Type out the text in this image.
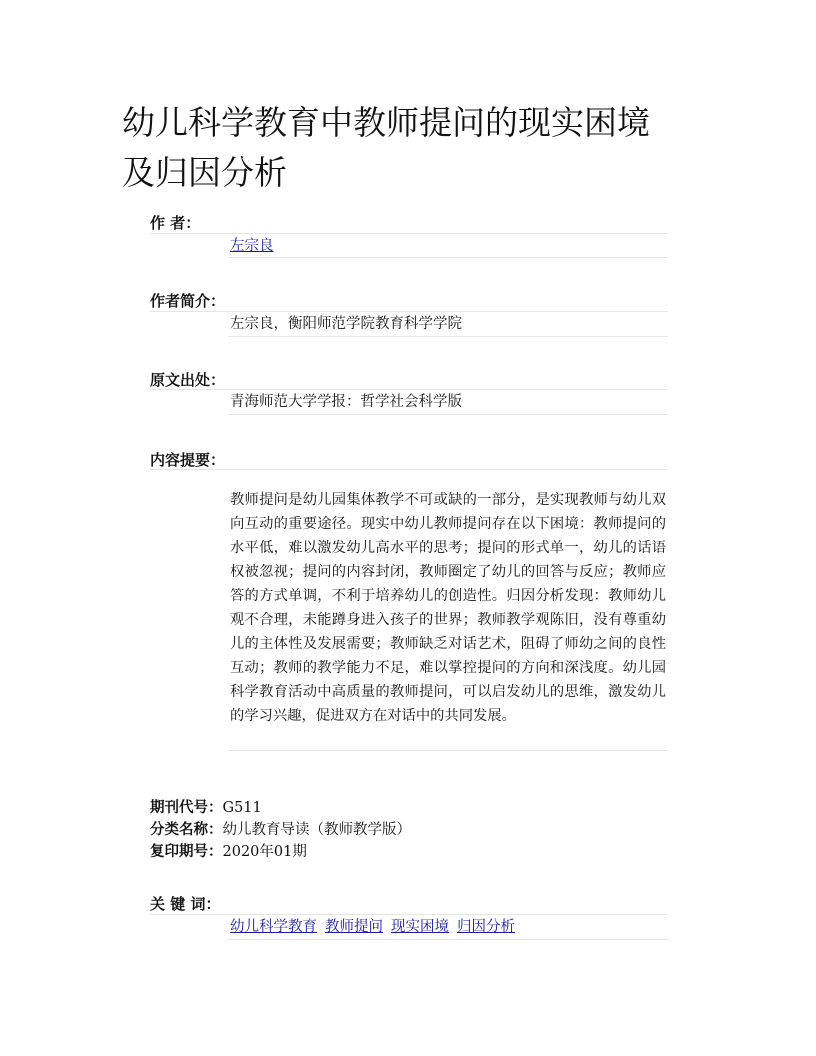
幼儿科学教育中教师提问的现实困境及归因分析
作 者：
左宗良
作者简介：
左宗良，衡阳师范学院教育科学学院
原文出处：
青海师范大学学报：哲学社会科学版
内容提要：

教师提问是幼儿园集体教学不可或缺的一部分，是实现教师与幼儿双向互动的重要途径。现实中幼儿教师提问存在以下困境：教师提问的水平低，难以激发幼儿高水平的思考；提问的形式单一，幼儿的话语权被忽视；提问的内容封闭，教师圈定了幼儿的回答与反应；教师应答的方式单调，不利于培养幼儿的创造性。归因分析发现：教师幼儿观不合理，未能蹲身进入孩子的世界；教师教学观陈旧，没有尊重幼儿的主体性及发展需要；教师缺乏对话艺术，阻碍了师幼之间的良性互动；教师的教学能力不足，难以掌控提问的方向和深浅度。幼儿园科学教育活动中高质量的教师提问，可以启发幼儿的思维，激发幼儿的学习兴趣，促进双方在对话中的共同发展。

期刊代号：G511
分类名称：幼儿教育导读（教师教学版）
复印期号：2020年01期
关 键 词：
幼儿科学教育 教师提问 现实困境 归因分析
